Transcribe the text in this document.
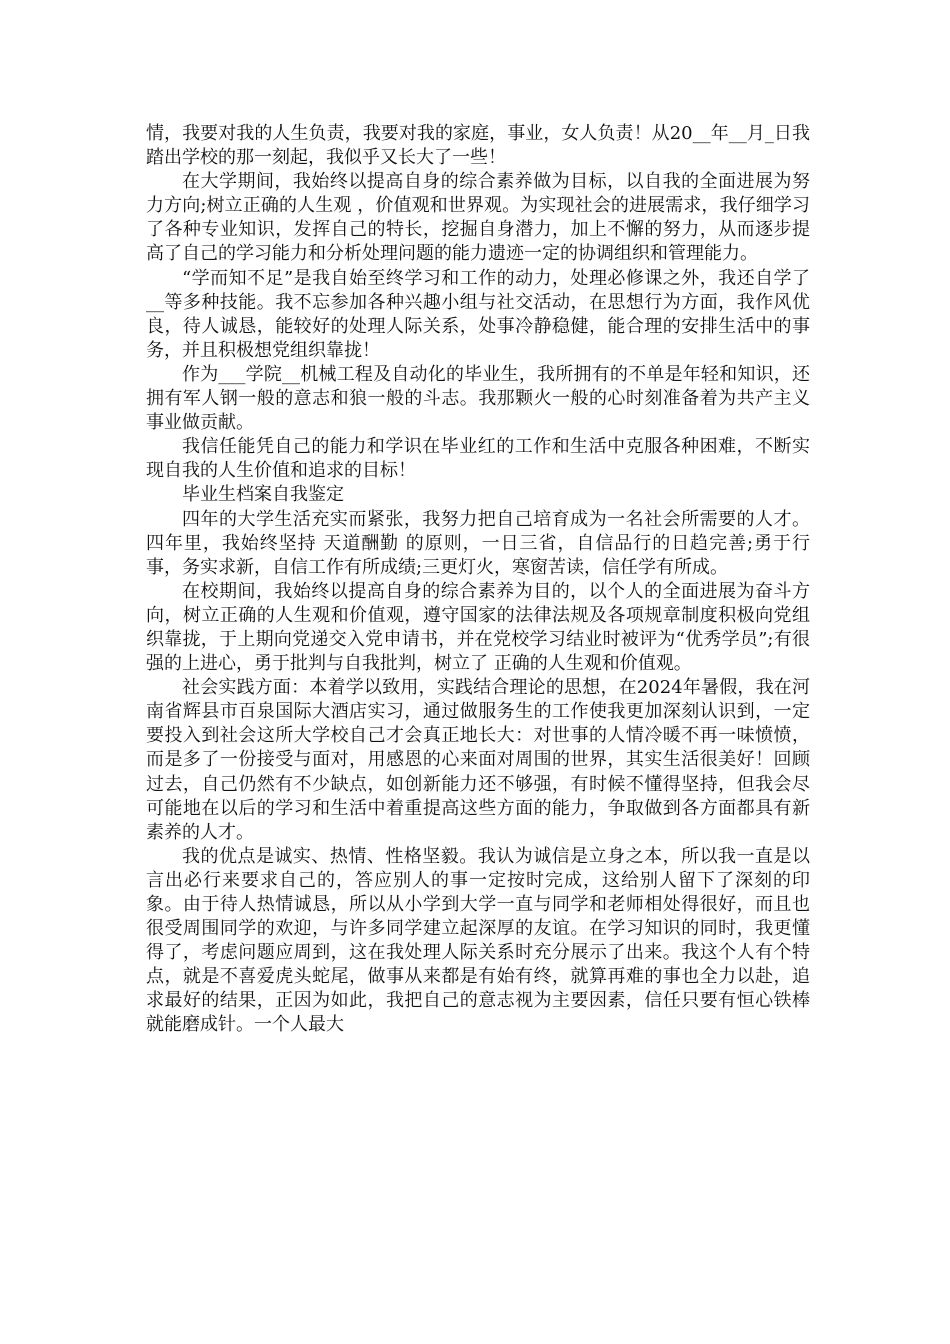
情，我要对我的人生负责，我要对我的家庭，事业，女人负责！从20__年__月_日我踏出学校的那一刻起，我似乎又长大了一些！

在大学期间，我始终以提高自身的综合素养做为目标，以自我的全面进展为努力方向;树立正确的人生观 ，价值观和世界观。为实现社会的进展需求，我仔细学习了各种专业知识，发挥自己的特长，挖掘自身潜力，加上不懈的努力，从而逐步提高了自己的学习能力和分析处理问题的能力遗迹一定的协调组织和管理能力。

“学而知不足”是我自始至终学习和工作的动力，处理必修课之外，我还自学了__等多种技能。我不忘参加各种兴趣小组与社交活动，在思想行为方面，我作风优良，待人诚恳，能较好的处理人际关系，处事冷静稳健，能合理的安排生活中的事务，并且积极想党组织靠拢！

作为___学院__机械工程及自动化的毕业生，我所拥有的不单是年轻和知识，还拥有军人钢一般的意志和狼一般的斗志。我那颗火一般的心时刻准备着为共产主义事业做贡献。

我信任能凭自己的能力和学识在毕业红的工作和生活中克服各种困难，不断实现自我的人生价值和追求的目标！

毕业生档案自我鉴定

四年的大学生活充实而紧张，我努力把自己培育成为一名社会所需要的人才。四年里，我始终坚持 天道酬勤 的原则，一日三省，自信品行的日趋完善;勇于行事，务实求新，自信工作有所成绩;三更灯火，寒窗苦读，信任学有所成。

在校期间，我始终以提高自身的综合素养为目的，以个人的全面进展为奋斗方向，树立正确的人生观和价值观，遵守国家的法律法规及各项规章制度积极向党组织靠拢，于上期向党递交入党申请书，并在党校学习结业时被评为“优秀学员”;有很强的上进心，勇于批判与自我批判，树立了 正确的人生观和价值观。

社会实践方面：本着学以致用，实践结合理论的思想，在2024年暑假，我在河南省辉县市百泉国际大酒店实习，通过做服务生的工作使我更加深刻认识到，一定要投入到社会这所大学校自己才会真正地长大：对世事的人情冷暖不再一味愤愤，而是多了一份接受与面对，用感恩的心来面对周围的世界，其实生活很美好！回顾过去，自己仍然有不少缺点，如创新能力还不够强，有时候不懂得坚持，但我会尽可能地在以后的学习和生活中着重提高这些方面的能力，争取做到各方面都具有新素养的人才。

我的优点是诚实、热情、性格坚毅。我认为诚信是立身之本，所以我一直是以言出必行来要求自己的，答应别人的事一定按时完成，这给别人留下了深刻的印象。由于待人热情诚恳，所以从小学到大学一直与同学和老师相处得很好，而且也很受周围同学的欢迎，与许多同学建立起深厚的友谊。在学习知识的同时，我更懂得了，考虑问题应周到，这在我处理人际关系时充分展示了出来。我这个人有个特点，就是不喜爱虎头蛇尾，做事从来都是有始有终，就算再难的事也全力以赴，追求最好的结果，正因为如此，我把自己的意志视为主要因素，信任只要有恒心铁棒就能磨成针。一个人最大
